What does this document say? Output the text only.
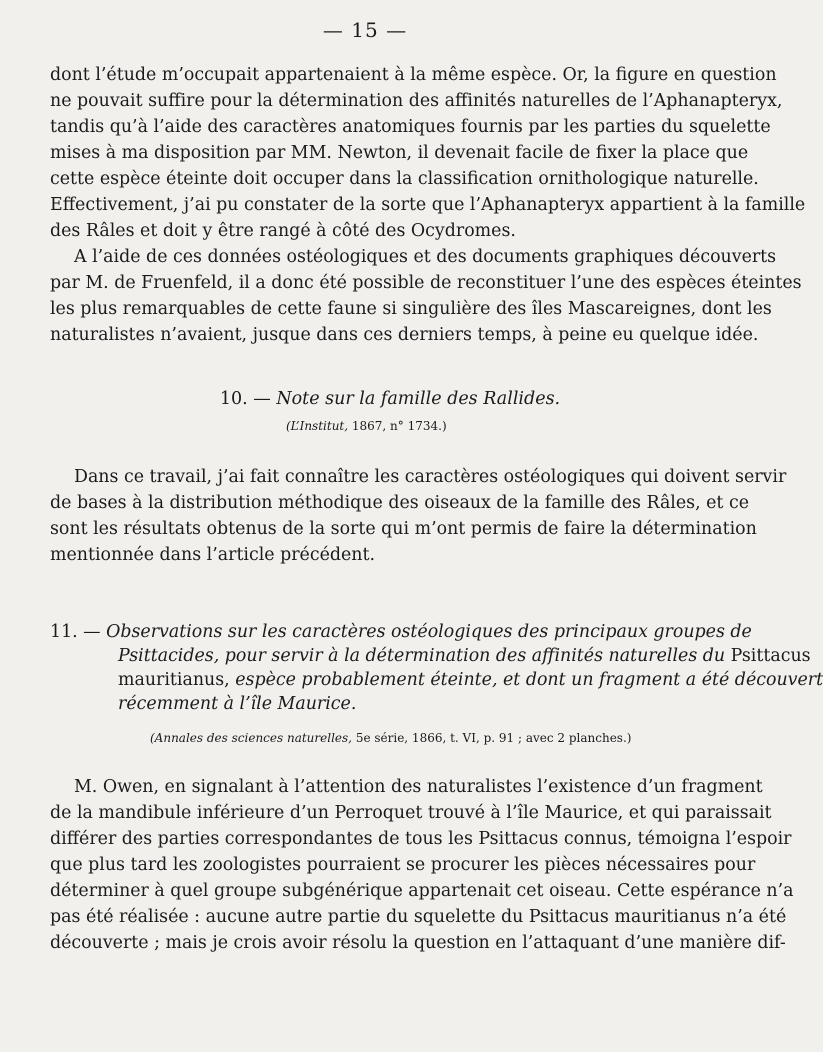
— 15 —
dont l’étude m’occupait appartenaient à la même espèce. Or, la figure en question
ne pouvait suffire pour la détermination des affinités naturelles de l’Aphanapteryx,
tandis qu’à l’aide des caractères anatomiques fournis par les parties du squelette
mises à ma disposition par MM. Newton, il devenait facile de fixer la place que
cette espèce éteinte doit occuper dans la classification ornithologique naturelle.
Effectivement, j’ai pu constater de la sorte que l’Aphanapteryx appartient à la famille
des Râles et doit y être rangé à côté des Ocydromes.
A l’aide de ces données ostéologiques et des documents graphiques découverts
par M. de Fruenfeld, il a donc été possible de reconstituer l’une des espèces éteintes
les plus remarquables de cette faune si singulière des îles Mascareignes, dont les
naturalistes n’avaient, jusque dans ces derniers temps, à peine eu quelque idée.
10. — Note sur la famille des Rallides.
(L’Institut, 1867, n° 1734.)
Dans ce travail, j’ai fait connaître les caractères ostéologiques qui doivent servir
de bases à la distribution méthodique des oiseaux de la famille des Râles, et ce
sont les résultats obtenus de la sorte qui m’ont permis de faire la détermination
mentionnée dans l’article précédent.
11. — Observations sur les caractères ostéologiques des principaux groupes de
Psittacides, pour servir à la détermination des affinités naturelles du Psittacus
mauritianus, espèce probablement éteinte, et dont un fragment a été découvert
récemment à l’île Maurice.
(Annales des sciences naturelles, 5e série, 1866, t. VI, p. 91 ; avec 2 planches.)
M. Owen, en signalant à l’attention des naturalistes l’existence d’un fragment
de la mandibule inférieure d’un Perroquet trouvé à l’île Maurice, et qui paraissait
différer des parties correspondantes de tous les Psittacus connus, témoigna l’espoir
que plus tard les zoologistes pourraient se procurer les pièces nécessaires pour
déterminer à quel groupe subgénérique appartenait cet oiseau. Cette espérance n’a
pas été réalisée : aucune autre partie du squelette du Psittacus mauritianus n’a été
découverte ; mais je crois avoir résolu la question en l’attaquant d’une manière dif-
